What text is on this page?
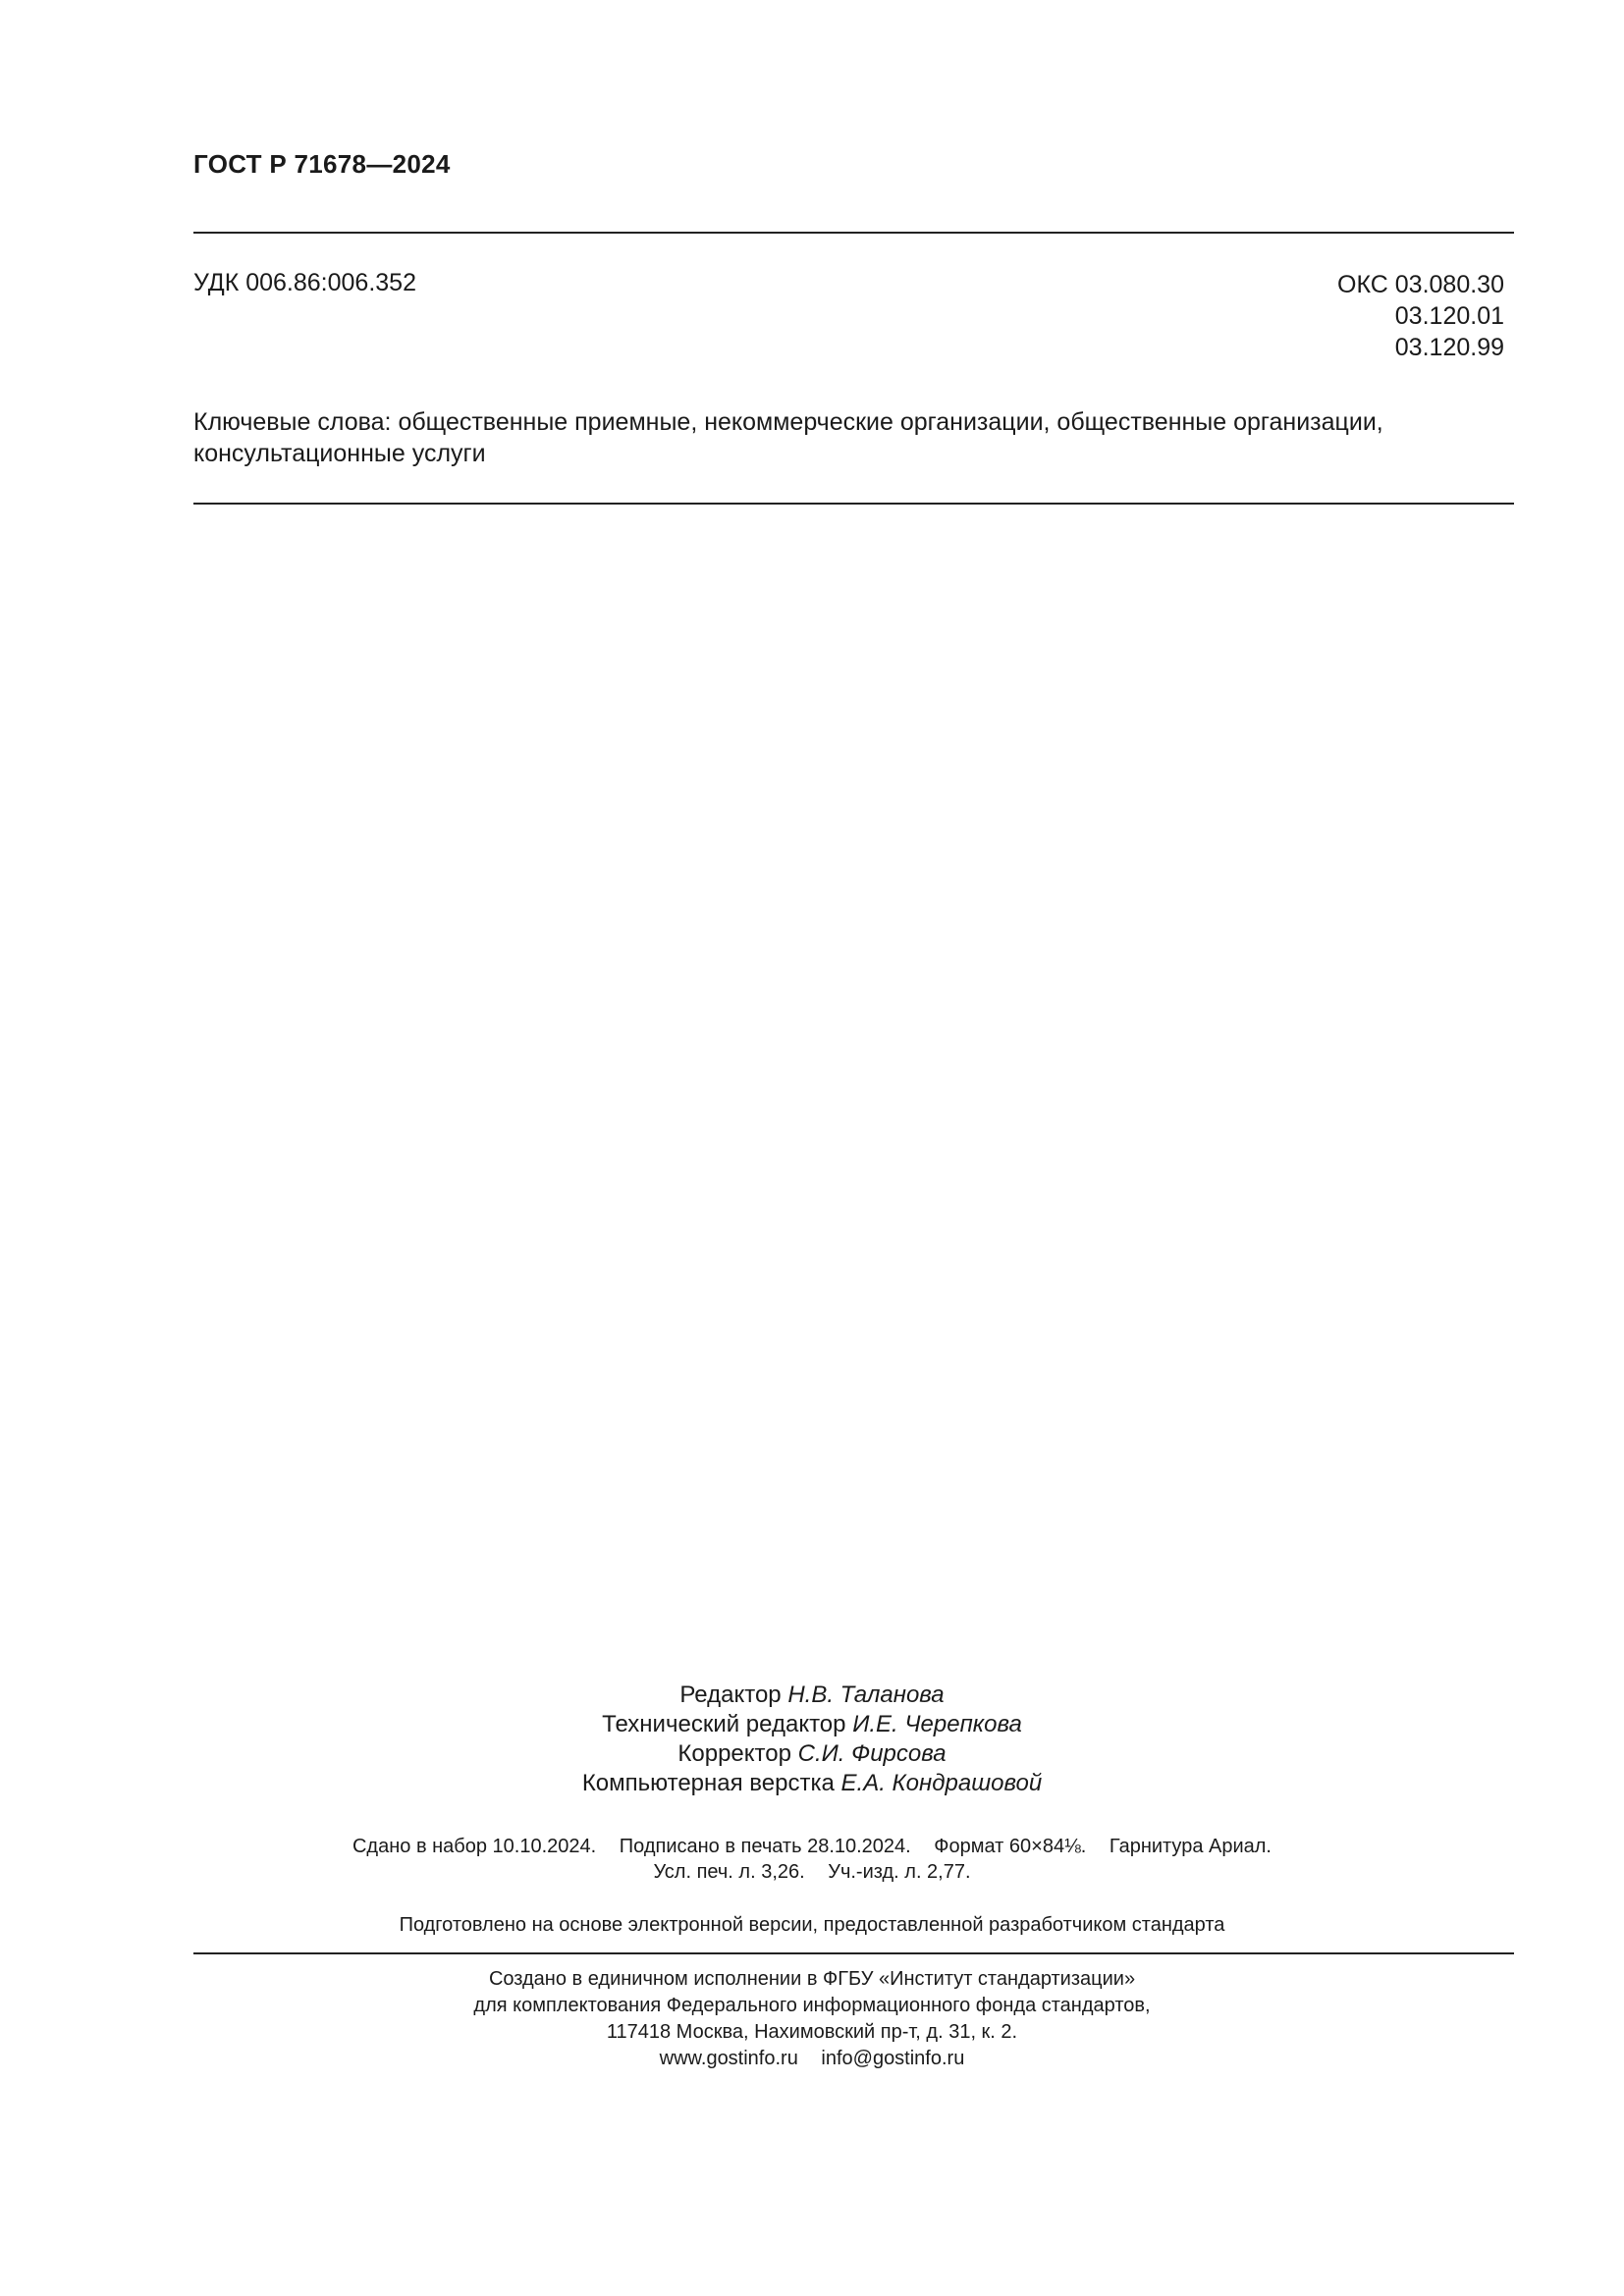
ГОСТ Р 71678—2024
УДК 006.86:006.352	ОКС 03.080.30
03.120.01
03.120.99
Ключевые слова: общественные приемные, некоммерческие организации, общественные организации, консультационные услуги
Редактор Н.В. Таланова
Технический редактор И.Е. Черепкова
Корректор С.И. Фирсова
Компьютерная верстка Е.А. Кондрашовой
Сдано в набор 10.10.2024. Подписано в печать 28.10.2024. Формат 60×84⅛. Гарнитура Ариал.
Усл. печ. л. 3,26. Уч.-изд. л. 2,77.
Подготовлено на основе электронной версии, предоставленной разработчиком стандарта
Создано в единичном исполнении в ФГБУ «Институт стандартизации»
для комплектования Федерального информационного фонда стандартов,
117418 Москва, Нахимовский пр-т, д. 31, к. 2.
www.gostinfo.ru info@gostinfo.ru
